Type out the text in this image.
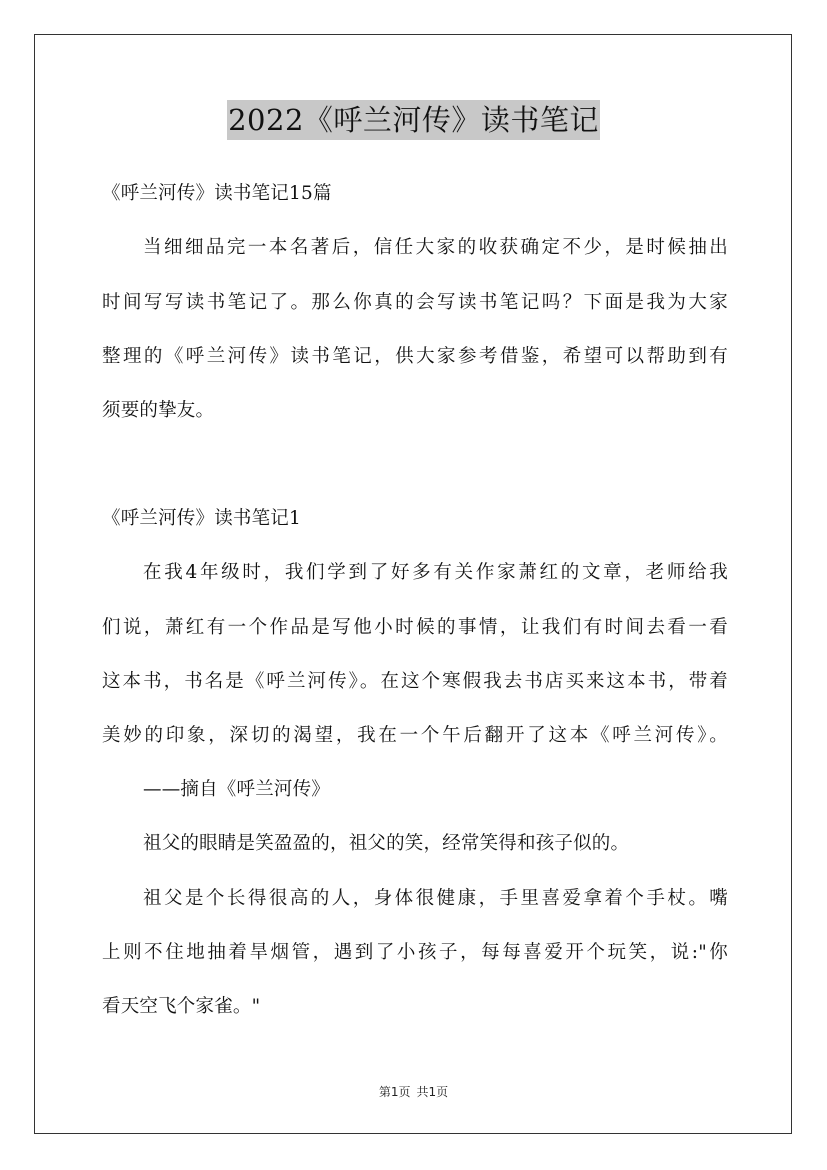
2022《呼兰河传》读书笔记
《呼兰河传》读书笔记15篇
当细细品完一本名著后，信任大家的收获确定不少，是时候抽出
时间写写读书笔记了。那么你真的会写读书笔记吗？下面是我为大家
整理的《呼兰河传》读书笔记，供大家参考借鉴，希望可以帮助到有
须要的挚友。
《呼兰河传》读书笔记1
在我4年级时，我们学到了好多有关作家萧红的文章，老师给我
们说，萧红有一个作品是写他小时候的事情，让我们有时间去看一看
这本书，书名是《呼兰河传》。在这个寒假我去书店买来这本书，带着
美妙的印象，深切的渴望，我在一个午后翻开了这本《呼兰河传》。
——摘自《呼兰河传》
祖父的眼睛是笑盈盈的，祖父的笑，经常笑得和孩子似的。
祖父是个长得很高的人，身体很健康，手里喜爱拿着个手杖。嘴
上则不住地抽着旱烟管，遇到了小孩子，每每喜爱开个玩笑，说:"你
看天空飞个家雀。"
第1页 共1页
